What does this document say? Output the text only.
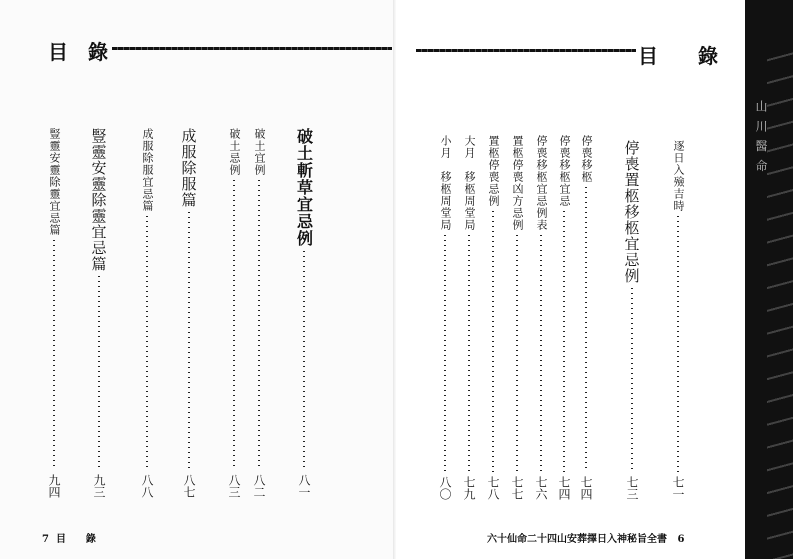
目　錄
破土斬草宜忌例
八一
破土宜例
八二
破土忌例
八三
成服除服篇
八七
成服除服宜忌篇
八八
豎靈安靈除靈宜忌篇
九三
豎靈安靈除靈宜忌篇
九四
7 目　　錄
目　　錄
逐日入殮吉時
七一
停喪置柩移柩宜忌例
七三
停喪移柩
七四
停喪移柩宜忌
七四
停喪移柩宜忌例表
七六
置柩停喪凶方忌例
七七
置柩停喪忌例
七八
大月　移柩周堂局
七九
小月　移柩周堂局
八〇
六十仙命二十四山安葬擇日入神秘旨全書 6
山 川 醫 命
